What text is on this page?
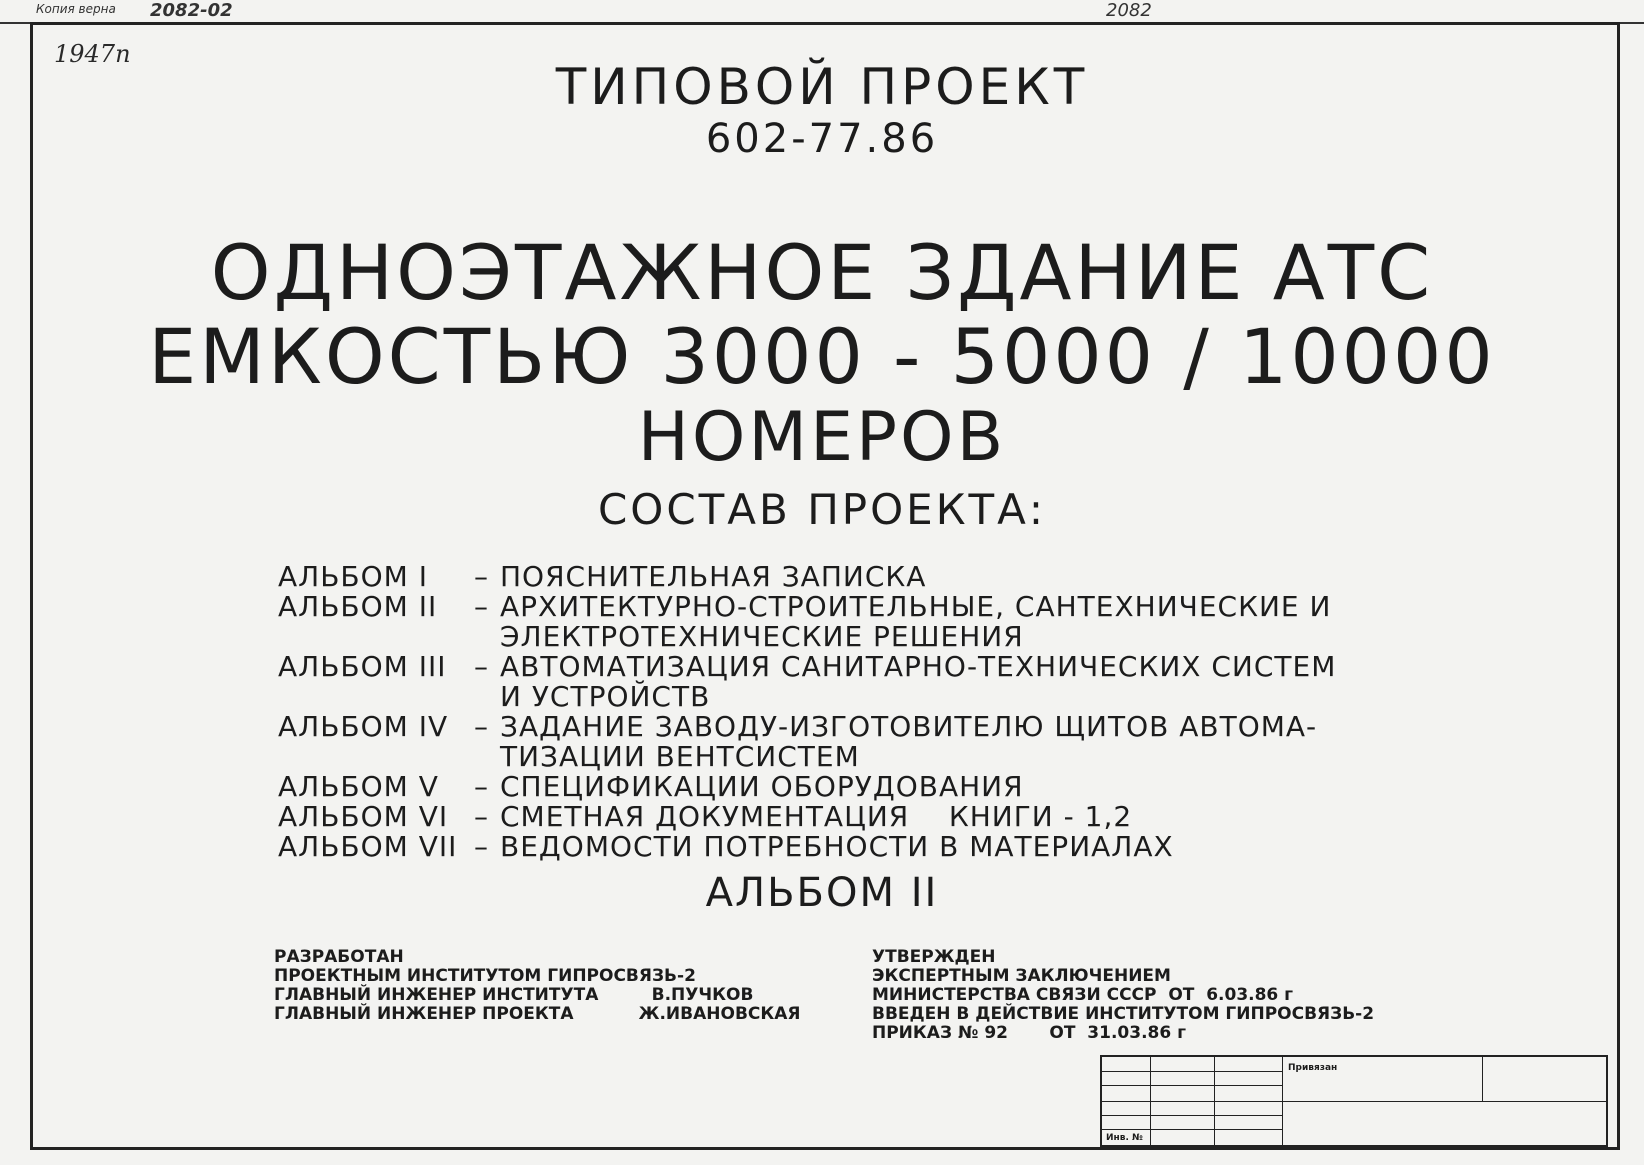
Копия верна 2082-02	2082
1947п
ТИПОВОЙ ПРОЕКТ
602-77.86
ОДНОЭТАЖНОЕ ЗДАНИЕ АТС
ЕМКОСТЬЮ 3000 - 5000 / 10000
НОМЕРОВ
СОСТАВ ПРОЕКТА:
АЛЬБОМ I	– ПОЯСНИТЕЛЬНАЯ ЗАПИСКА
АЛЬБОМ II	– АРХИТЕКТУРНО-СТРОИТЕЛЬНЫЕ, САНТЕХНИЧЕСКИЕ И
ЭЛЕКТРОТЕХНИЧЕСКИЕ РЕШЕНИЯ
АЛЬБОМ III – АВТОМАТИЗАЦИЯ САНИТАРНО-ТЕХНИЧЕСКИХ СИСТЕМ
И УСТРОЙСТВ
АЛЬБОМ IV – ЗАДАНИЕ ЗАВОДУ-ИЗГОТОВИТЕЛЮ ЩИТОВ АВТОМА-
ТИЗАЦИИ ВЕНТСИСТЕМ
АЛЬБОМ V	– СПЕЦИФИКАЦИИ ОБОРУДОВАНИЯ
АЛЬБОМ VI – СМЕТНАЯ ДОКУМЕНТАЦИЯ    КНИГИ - 1,2
АЛЬБОМ VII – ВЕДОМОСТИ ПОТРЕБНОСТИ В МАТЕРИАЛАХ
АЛЬБОМ II
РАЗРАБОТАН
ПРОЕКТНЫМ ИНСТИТУТОМ ГИПРОСВЯЗЬ-2
ГЛАВНЫЙ ИНЖЕНЕР ИНСТИТУТА         В.ПУЧКОВ
ГЛАВНЫЙ ИНЖЕНЕР ПРОЕКТА           Ж.ИВАНОВСКАЯ
УТВЕРЖДЕН
ЭКСПЕРТНЫМ ЗАКЛЮЧЕНИЕМ
МИНИСТЕРСТВА СВЯЗИ СССР  ОТ  6.03.86 г
ВВЕДЕН В ДЕЙСТВИЕ ИНСТИТУТОМ ГИПРОСВЯЗЬ-2
ПРИКАЗ № 92       ОТ  31.03.86 г
Привязан
Инв. №
